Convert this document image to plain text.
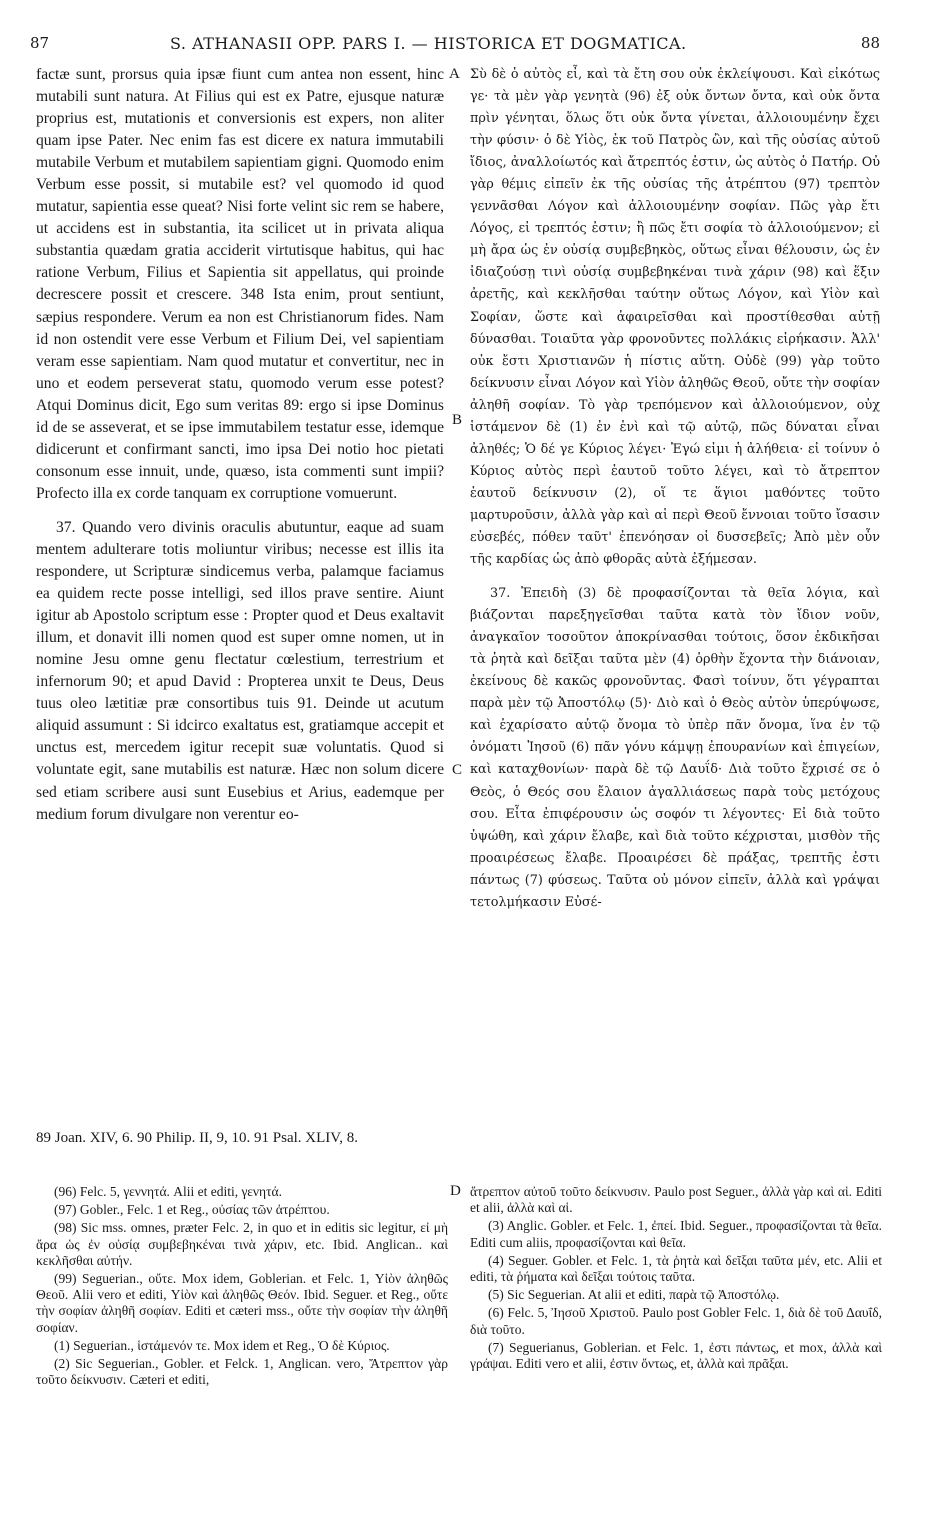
87	S. ATHANASII OPP. PARS I. — HISTORICA ET DOGMATICA.	88
A
B
C
D

factæ sunt, prorsus quia ipsæ fiunt cum antea non essent, hinc mutabili sunt natura. At Filius qui est ex Patre, ejusque naturæ proprius est, mutationis et conversionis est expers, non aliter quam ipse Pater. Nec enim fas est dicere ex natura immutabili mutabile Verbum et mutabilem sapientiam gigni. Quomodo enim Verbum esse possit, si mutabile est? vel quomodo id quod mutatur, sapientia esse queat? Nisi forte velint sic rem se habere, ut accidens est in substantia, ita scilicet ut in privata aliqua substantia quædam gratia acciderit virtutisque habitus, qui hac ratione Verbum, Filius et Sapientia sit appellatus, qui proinde decrescere possit et crescere. 348 Ista enim, prout sentiunt, sæpius respondere. Verum ea non est Christianorum fides. Nam id non ostendit vere esse Verbum et Filium Dei, vel sapientiam veram esse sapientiam. Nam quod mutatur et convertitur, nec in uno et eodem perseverat statu, quomodo verum esse potest? Atqui Dominus dicit, Ego sum veritas 89: ergo si ipse Dominus id de se asseverat, et se ipse immutabilem testatur esse, idemque didicerunt et confirmant sancti, imo ipsa Dei notio hoc pietati consonum esse innuit, unde, quæso, ista commenti sunt impii? Profecto illa ex corde tanquam ex corruptione vomuerunt.

37. Quando vero divinis oraculis abutuntur, eaque ad suam mentem adulterare totis moliuntur viribus; necesse est illis ita respondere, ut Scripturæ sindicemus verba, palamque faciamus ea quidem recte posse intelligi, sed illos prave sentire. Aiunt igitur ab Apostolo scriptum esse : Propter quod et Deus exaltavit illum, et donavit illi nomen quod est super omne nomen, ut in nomine Jesu omne genu flectatur cœlestium, terrestrium et infernorum 90; et apud David : Propterea unxit te Deus, Deus tuus oleo lætitiæ præ consortibus tuis 91. Deinde ut acutum aliquid assumunt : Si idcirco exaltatus est, gratiamque accepit et unctus est, mercedem igitur recepit suæ voluntatis. Quod si voluntate egit, sane mutabilis est naturæ. Hæc non solum dicere sed etiam scribere ausi sunt Eusebius et Arius, eademque per medium forum divulgare non verentur eo-

Σὺ δὲ ὁ αὐτὸς εἶ, καὶ τὰ ἔτη σου οὐκ ἐκλείψουσι. Καὶ εἰκότως γε· τὰ μὲν γὰρ γενητὰ (96) ἐξ οὐκ ὄντων ὄντα, καὶ οὐκ ὄντα πρὶν γένηται, ὅλως ὅτι οὐκ ὄντα γίνεται, ἀλλοιουμένην ἔχει τὴν φύσιν· ὁ δὲ Υἱὸς, ἐκ τοῦ Πατρὸς ὢν, καὶ τῆς οὐσίας αὐτοῦ ἴδιος, ἀναλλοίωτός καὶ ἄτρεπτός ἐστιν, ὡς αὐτὸς ὁ Πατήρ. Οὐ γὰρ θέμις εἰπεῖν ἐκ τῆς οὐσίας τῆς ἀτρέπτου (97) τρεπτὸν γεννᾶσθαι Λόγον καὶ ἀλλοιουμένην σοφίαν. Πῶς γὰρ ἔτι Λόγος, εἰ τρεπτός ἐστιν; ἢ πῶς ἔτι σοφία τὸ ἀλλοιούμενον; εἰ μὴ ἄρα ὡς ἐν οὐσίᾳ συμβεβηκὸς, οὕτως εἶναι θέλουσιν, ὡς ἐν ἰδιαζούσῃ τινὶ οὐσίᾳ συμβεβηκέναι τινὰ χάριν (98) καὶ ἕξιν ἀρετῆς, καὶ κεκλῆσθαι ταύτην οὕτως Λόγον, καὶ Υἱὸν καὶ Σοφίαν, ὥστε καὶ ἀφαιρεῖσθαι καὶ προστίθεσθαι αὐτῇ δύνασθαι. Τοιαῦτα γὰρ φρονοῦντες πολλάκις εἰρήκασιν. Ἀλλ' οὐκ ἔστι Χριστιανῶν ἡ πίστις αὕτη. Οὐδὲ (99) γὰρ τοῦτο δείκνυσιν εἶναι Λόγον καὶ Υἱὸν ἀληθῶς Θεοῦ, οὔτε τὴν σοφίαν ἀληθῆ σοφίαν. Τὸ γὰρ τρεπόμενον καὶ ἀλλοιούμενον, οὐχ ἱστάμενον δὲ (1) ἐν ἑνὶ καὶ τῷ αὐτῷ, πῶς δύναται εἶναι ἀληθές; Ὁ δέ γε Κύριος λέγει· Ἐγώ εἰμι ἡ ἀλήθεια· εἰ τοίνυν ὁ Κύριος αὐτὸς περὶ ἑαυτοῦ τοῦτο λέγει, καὶ τὸ ἄτρεπτον ἑαυτοῦ δείκνυσιν (2), οἵ τε ἅγιοι μαθόντες τοῦτο μαρτυροῦσιν, ἀλλὰ γὰρ καὶ αἱ περὶ Θεοῦ ἔννοιαι τοῦτο ἴσασιν εὐσεβές, πόθεν ταῦτ' ἐπενόησαν οἱ δυσσεβεῖς; Ἀπὸ μὲν οὖν τῆς καρδίας ὡς ἀπὸ φθορᾶς αὐτὰ ἐξήμεσαν.

37. Ἐπειδὴ (3) δὲ προφασίζονται τὰ θεῖα λόγια, καὶ βιάζονται παρεξηγεῖσθαι ταῦτα κατὰ τὸν ἴδιον νοῦν, ἀναγκαῖον τοσοῦτον ἀποκρίνασθαι τούτοις, ὅσον ἐκδικῆσαι τὰ ῥητὰ καὶ δεῖξαι ταῦτα μὲν (4) ὀρθὴν ἔχοντα τὴν διάνοιαν, ἐκείνους δὲ κακῶς φρονοῦντας. Φασὶ τοίνυν, ὅτι γέγραπται παρὰ μὲν τῷ Ἀποστόλῳ (5)· Διὸ καὶ ὁ Θεὸς αὐτὸν ὑπερύψωσε, καὶ ἐχαρίσατο αὐτῷ ὄνομα τὸ ὑπὲρ πᾶν ὄνομα, ἵνα ἐν τῷ ὀνόματι Ἰησοῦ (6) πᾶν γόνυ κάμψῃ ἐπουρανίων καὶ ἐπιγείων, καὶ καταχθονίων· παρὰ δὲ τῷ Δαυΐδ· Διὰ τοῦτο ἔχρισέ σε ὁ Θεὸς, ὁ Θεός σου ἔλαιον ἀγαλλιάσεως παρὰ τοὺς μετόχους σου. Εἶτα ἐπιφέρουσιν ὡς σοφόν τι λέγοντες· Εἰ διὰ τοῦτο ὑψώθη, καὶ χάριν ἔλαβε, καὶ διὰ τοῦτο κέχρισται, μισθὸν τῆς προαιρέσεως ἔλαβε. Προαιρέσει δὲ πράξας, τρεπτῆς ἐστι πάντως (7) φύσεως. Ταῦτα οὐ μόνον εἰπεῖν, ἀλλὰ καὶ γράψαι τετολμήκασιν Εὐσέ-

89 Joan. XIV, 6. 90 Philip. II, 9, 10. 91 Psal. XLIV, 8.

(96) Felc. 5, γεννητά. Alii et editi, γενητά.

(97) Gobler., Felc. 1 et Reg., οὐσίας τῶν ἀτρέπτου.

(98) Sic mss. omnes, præter Felc. 2, in quo et in editis sic legitur, εἰ μὴ ἄρα ὡς ἐν οὐσίᾳ συμβεβηκέναι τινὰ χάριν, etc. Ibid. Anglican.. καὶ κεκλῆσθαι αὐτήν.

(99) Seguerian., οὔτε. Mox idem, Goblerian. et Felc. 1, Υἱὸν ἀληθῶς Θεοῦ. Alii vero et editi, Υἱὸν καὶ ἀληθῶς Θεόν. Ibid. Seguer. et Reg., οὔτε τὴν σοφίαν ἀληθῆ σοφίαν. Editi et cæteri mss., οὔτε τὴν σοφίαν τὴν ἀληθῆ σοφίαν.

(1) Seguerian., ἱστάμενόν τε. Mox idem et Reg., Ὁ δὲ Κύριος.

(2) Sic Seguerian., Gobler. et Felck. 1, Anglican. vero, Ἄτρεπτον γὰρ τοῦτο δείκνυσιν. Cæteri et editi,

ἄτρεπτον αὐτοῦ τοῦτο δείκνυσιν. Paulo post Seguer., ἀλλὰ γὰρ καὶ αἱ. Editi et alii, ἀλλὰ καὶ αἱ.

(3) Anglic. Gobler. et Felc. 1, ἐπεί. Ibid. Seguer., προφασίζονται τὰ θεῖα. Editi cum aliis, προφασίζονται καὶ θεῖα.

(4) Seguer. Gobler. et Felc. 1, τὰ ῥητὰ καὶ δεῖξαι ταῦτα μέν, etc. Alii et editi, τὰ ῥήματα καὶ δεῖξαι τούτοις ταῦτα.

(5) Sic Seguerian. At alii et editi, παρὰ τῷ Ἀποστόλῳ.

(6) Felc. 5, Ἰησοῦ Χριστοῦ. Paulo post Gobler Felc. 1, διὰ δὲ τοῦ Δαυΐδ, διὰ τοῦτο.

(7) Seguerianus, Goblerian. et Felc. 1, ἐστι πάντως, et mox, ἀλλὰ καὶ γράψαι. Editi vero et alii, ἐστιν ὄντως, et, ἀλλὰ καὶ πρᾶξαι.
